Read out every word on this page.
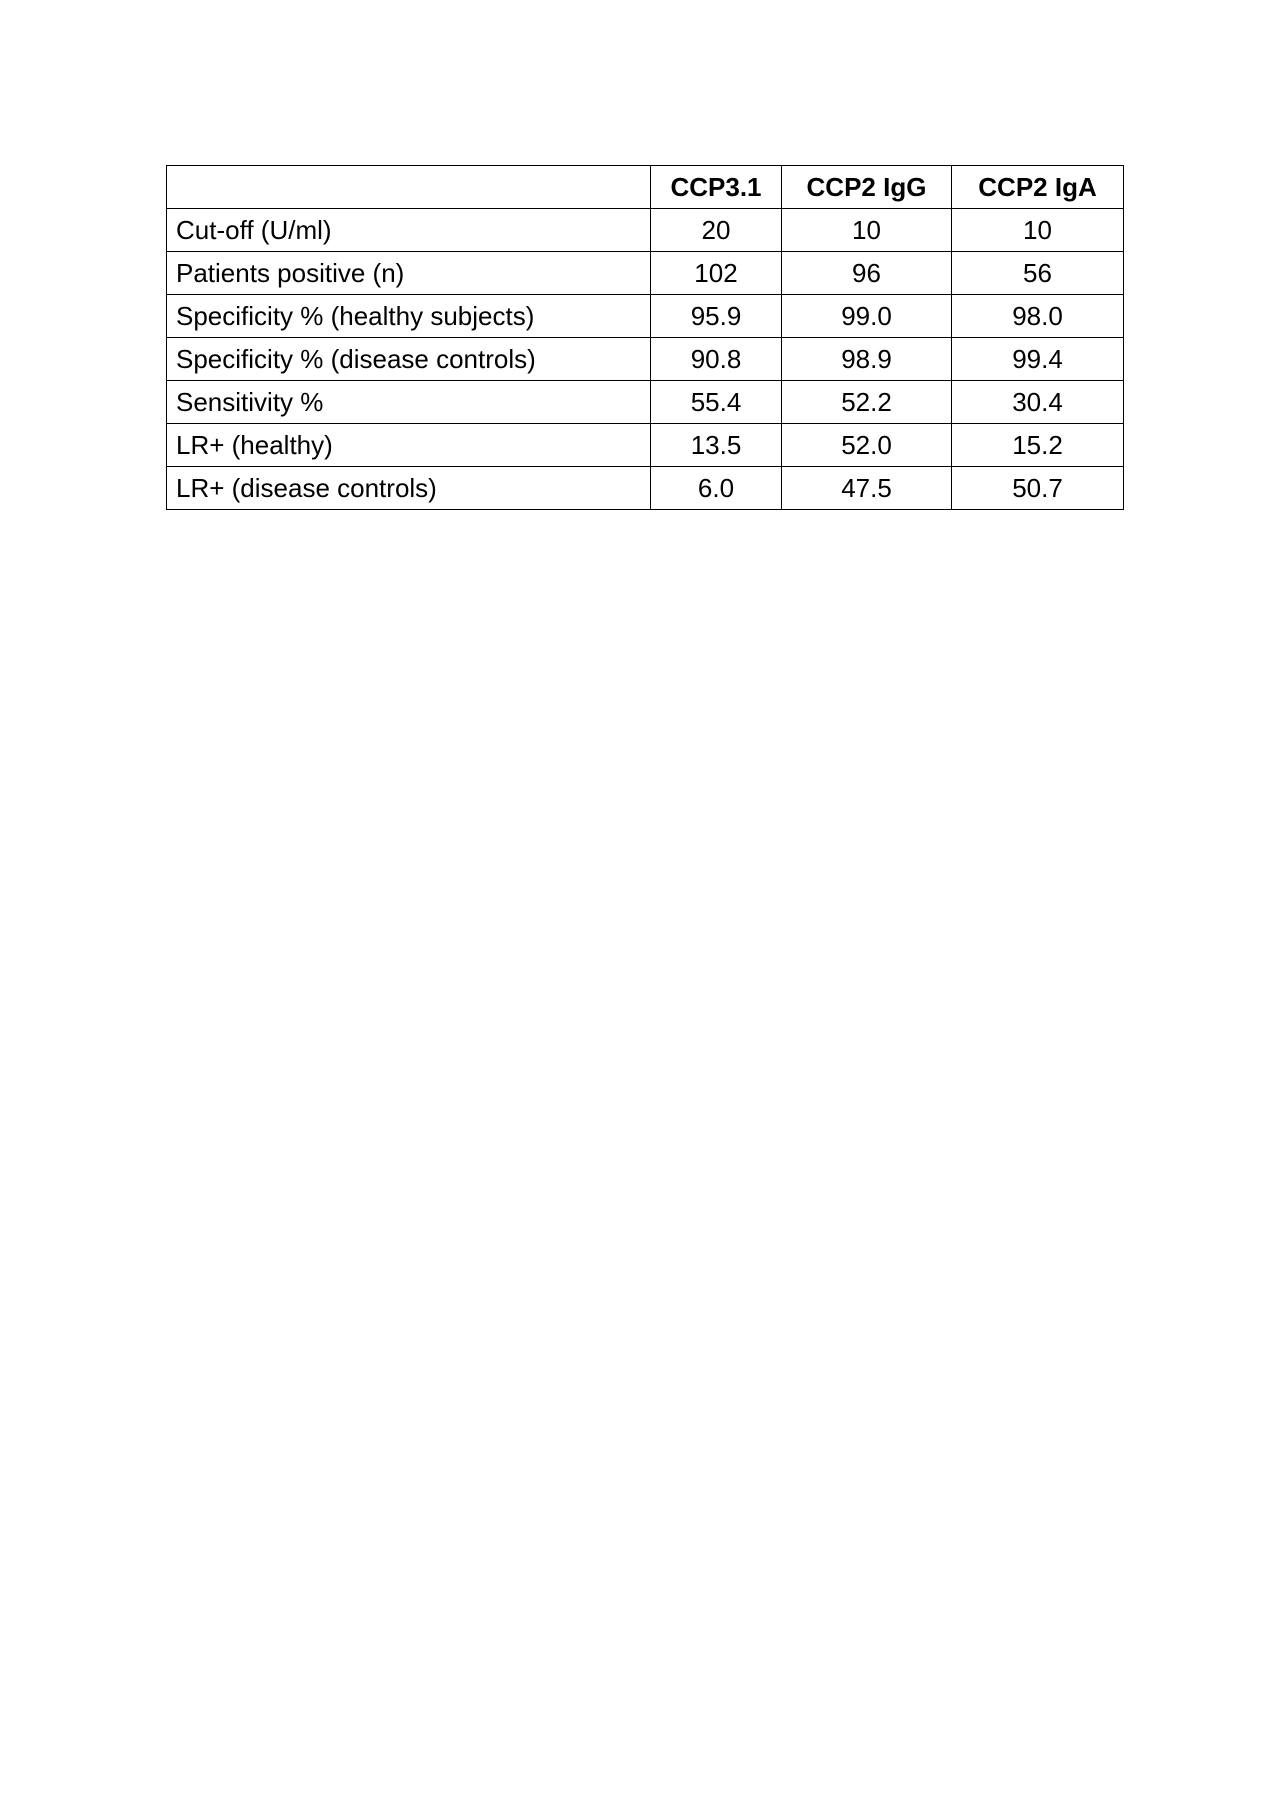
	CCP3.1	CCP2 IgG	CCP2 IgA
Cut-off (U/ml)	20	10	10
Patients positive (n)	102	96	56
Specificity % (healthy subjects)	95.9	99.0	98.0
Specificity % (disease controls)	90.8	98.9	99.4
Sensitivity %	55.4	52.2	30.4
LR+ (healthy)	13.5	52.0	15.2
LR+ (disease controls)	6.0	47.5	50.7
